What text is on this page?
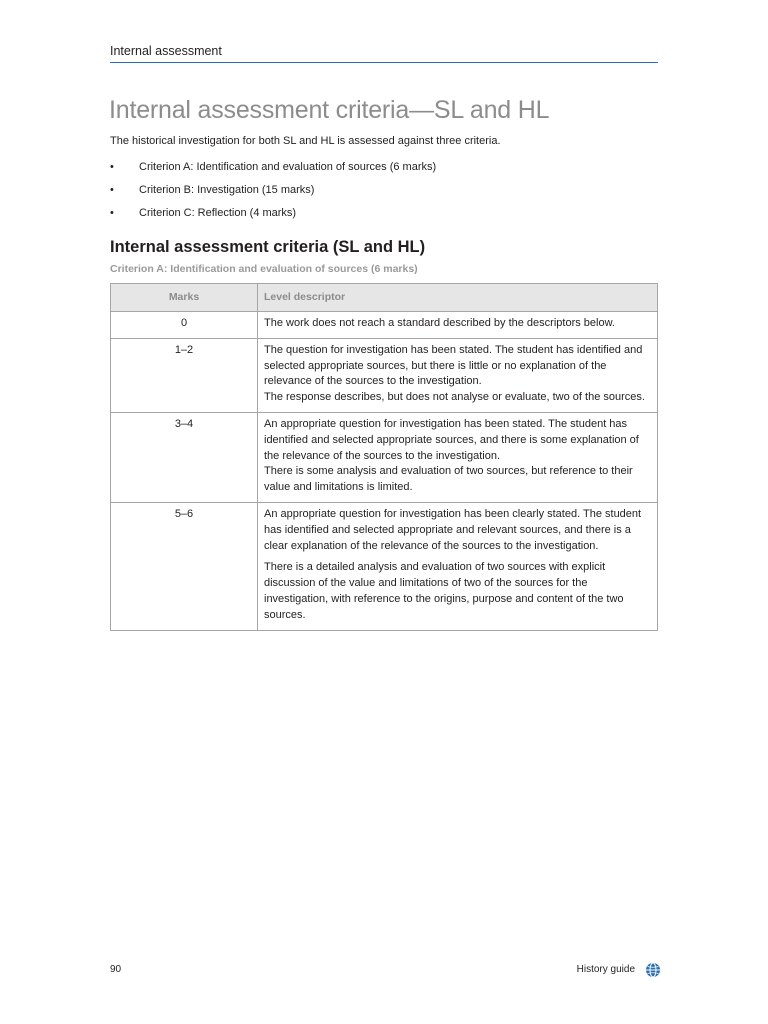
Internal assessment
Internal assessment criteria—SL and HL

The historical investigation for both SL and HL is assessed against three criteria.

• Criterion A: Identification and evaluation of sources (6 marks)
• Criterion B: Investigation (15 marks)
• Criterion C: Reflection (4 marks)
Internal assessment criteria (SL and HL)

Criterion A: Identification and evaluation of sources (6 marks)

Marks	Level descriptor
0	The work does not reach a standard described by the descriptors below.

1–2	The question for investigation has been stated. The student has identified and selected appropriate sources, but there is little or no explanation of the relevance of the sources to the investigation.

The response describes, but does not analyse or evaluate, two of the sources.

3–4	An appropriate question for investigation has been stated. The student has identified and selected appropriate sources, and there is some explanation of the relevance of the sources to the investigation.

There is some analysis and evaluation of two sources, but reference to their value and limitations is limited.

5–6	An appropriate question for investigation has been clearly stated. The student has identified and selected appropriate and relevant sources, and there is a clear explanation of the relevance of the sources to the investigation.

There is a detailed analysis and evaluation of two sources with explicit discussion of the value and limitations of two of the sources for the investigation, with reference to the origins, purpose and content of the two sources.

90	History guide
